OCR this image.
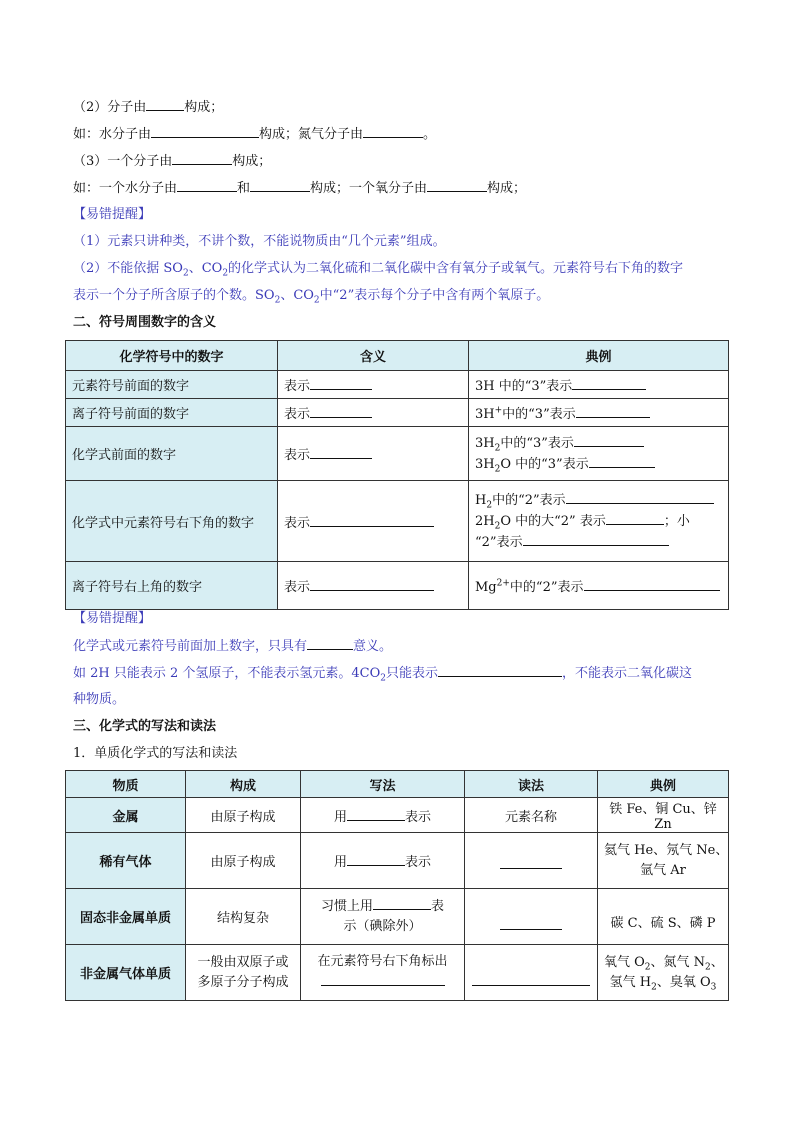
（2）分子由	构成；
如：水分子由	构成；氮气分子由	。
（3）一个分子由	构成；
如：一个水分子由	和	构成；一个氧分子由	构成；
【易错提醒】
（1）元素只讲种类，不讲个数，不能说物质由“几个元素”组成。
（2）不能依据 $SO_2$、$CO_2$的化学式认为二氧化硫和二氧化碳中含有氧分子或氧气。元素符号右下角的数字
表示一个分子所含原子的个数。$SO_2$、$CO_2$中“2”表示每个分子中含有两个氧原子。
二、符号周围数字的含义
化学符号中的数字	含义	典例
元素符号前面的数字	表示	3H 中的“3”表示
离子符号前面的数字	表示	3H+中的“3”表示
化学式前面的数字	表示	$3H_2$中的“3”表示
$3H_2O$ 中的“3”表示

化学式中元素符号右下角的数字	表示	$H_2$中的“2”表示
$2H_2O$ 中的大“2” 表示 ；小
“2”表示

离子符号右上角的数字	表示	$Mg^{2+}$中的“2”表示
【易错提醒】
化学式或元素符号前面加上数字，只具有	意义。
如 2H 只能表示 2 个氢原子，不能表示氢元素。$4CO_2$只能表示	，不能表示二氧化碳这
种物质。
三、化学式的写法和读法
1．单质化学式的写法和读法
物质	构成	写法	读法	典例
金属	由原子构成	用 表示	元素名称	铁 Fe、铜 Cu、锌 Zn
稀有气体	由原子构成	用 表示		氦气 He、氖气 Ne、
氩气 Ar

固态非金属单质	结构复杂	习惯上用 表
示（碘除外）		碳 C、硫 S、磷 P

非金属气体单质	一般由双原子或
多原子分子构成	在元素符号右下角标出		氧气 $O_2$、氮气 $N_2$、
氢气 $H_2$、臭氧 $O_3$
